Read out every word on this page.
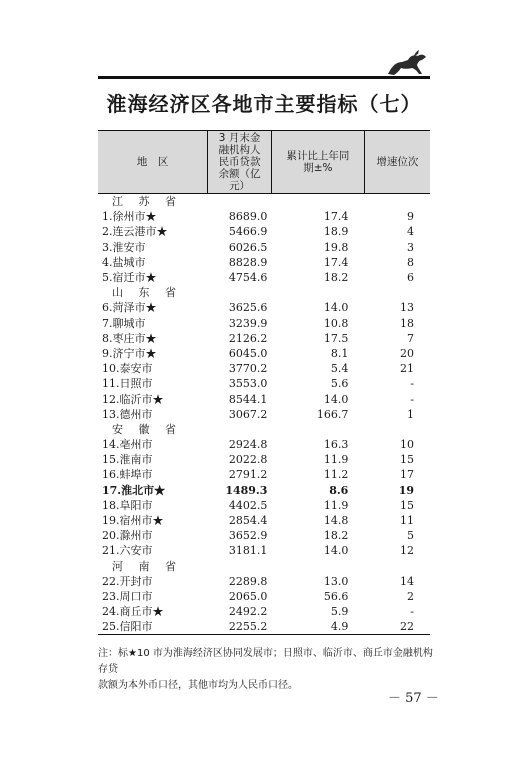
淮海经济区各地市主要指标（七）
地　区	3 月末金融机构人民币贷款余额（亿元）	累计比上年同期±%	增速位次
江 苏 省			
1.徐州市★	8689.0	17.4	9
2.连云港市★	5466.9	18.9	4
3.淮安市	6026.5	19.8	3
4.盐城市	8828.9	17.4	8
5.宿迁市★	4754.6	18.2	6
山 东 省			
6.菏泽市★	3625.6	14.0	13
7.聊城市	3239.9	10.8	18
8.枣庄市★	2126.2	17.5	7
9.济宁市★	6045.0	8.1	20
10.泰安市	3770.2	5.4	21
11.日照市	3553.0	5.6	-
12.临沂市★	8544.1	14.0	-
13.德州市	3067.2	166.7	1
安 徽 省			
14.亳州市	2924.8	16.3	10
15.淮南市	2022.8	11.9	15
16.蚌埠市	2791.2	11.2	17
17.淮北市★	1489.3	8.6	19
18.阜阳市	4402.5	11.9	15
19.宿州市★	2854.4	14.8	11
20.滁州市	3652.9	18.2	5
21.六安市	3181.1	14.0	12
河 南 省			
22.开封市	2289.8	13.0	14
23.周口市	2065.0	56.6	2
24.商丘市★	2492.2	5.9	-
25.信阳市	2255.2	4.9	22
注：标★10 市为淮海经济区协同发展市；日照市、临沂市、商丘市金融机构存贷
款额为本外币口径，其他市均为人民币口径。
－ 57 －
